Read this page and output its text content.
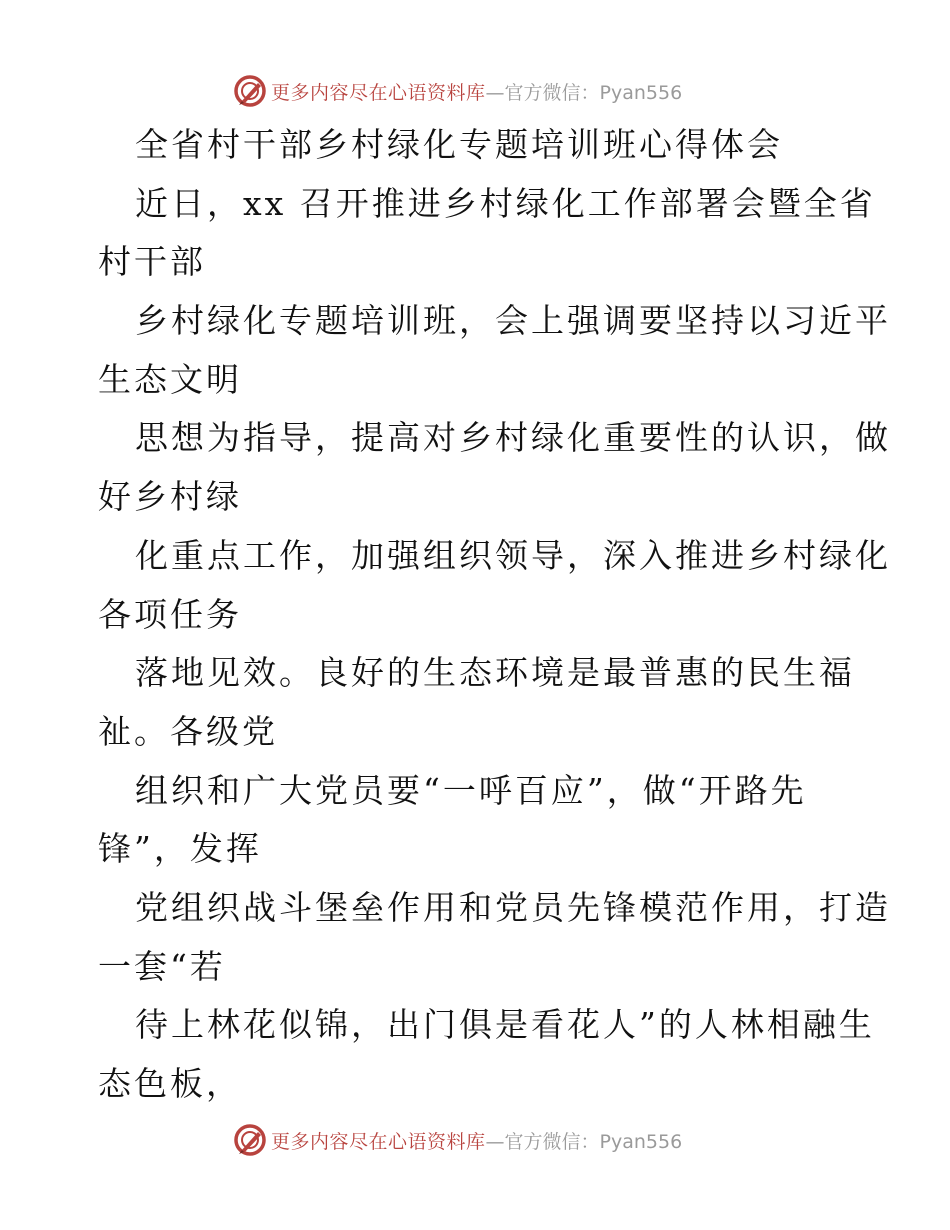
更多内容尽在心语资料库 —官方微信：Pyan556
全省村干部乡村绿化专题培训班心得体会
近日，xx 召开推进乡村绿化工作部署会暨全省
村干部
乡村绿化专题培训班，会上强调要坚持以习近平
生态文明
思想为指导，提高对乡村绿化重要性的认识，做
好乡村绿
化重点工作，加强组织领导，深入推进乡村绿化
各项任务
落地见效。良好的生态环境是最普惠的民生福
祉。各级党
组织和广大党员要“一呼百应”，做“开路先
锋”，发挥
党组织战斗堡垒作用和党员先锋模范作用，打造
一套“若
待上林花似锦，出门俱是看花人”的人林相融生
态色板，
更多内容尽在心语资料库 —官方微信：Pyan556
